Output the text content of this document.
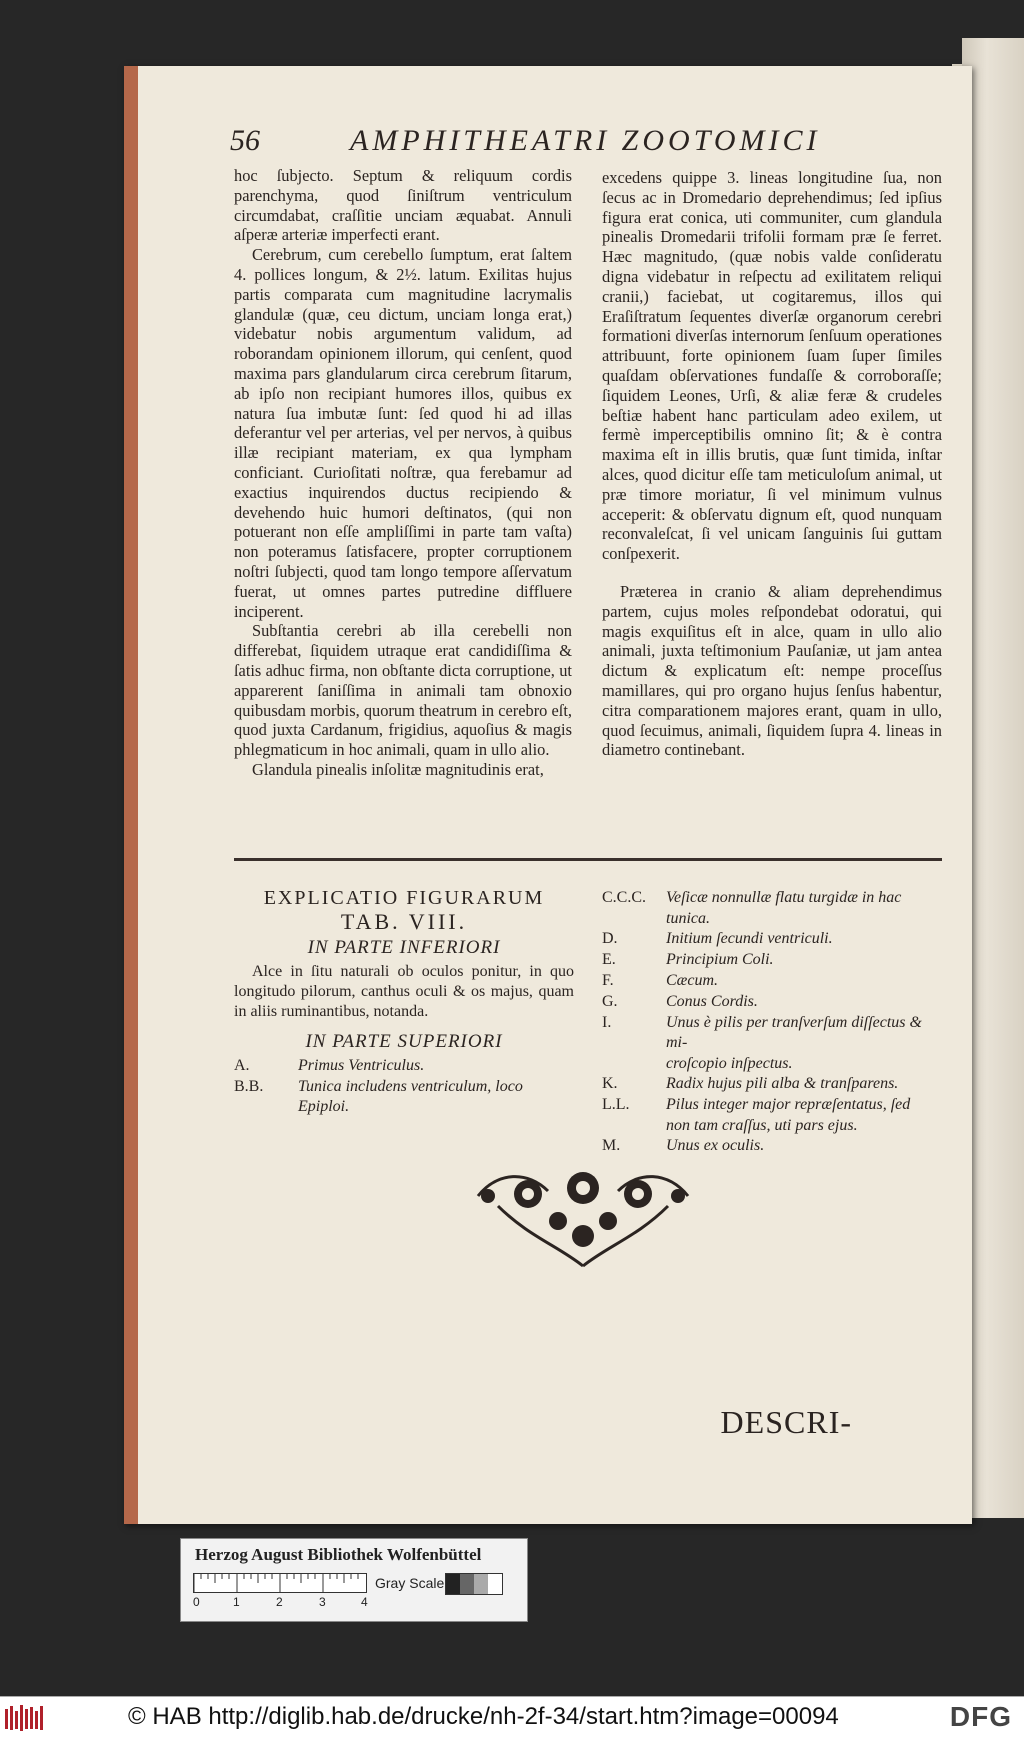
56	AMPHITHEATRI ZOOTOMICI

hoc ſubjecto. Septum & reliquum cordis parenchyma, quod ſiniſtrum ventriculum circumdabat, craſſitie unciam æquabat. Annuli aſperæ arteriæ imperfecti erant.

Cerebrum, cum cerebello ſumptum, erat ſaltem 4. pollices longum, & 2½. latum. Exilitas hujus partis comparata cum magnitudine lacrymalis glandulæ (quæ, ceu dictum, unciam longa erat,) videbatur nobis argumentum validum, ad roborandam opinionem illorum, qui cenſent, quod maxima pars glandularum circa cerebrum ſitarum, ab ipſo non recipiant humores illos, quibus ex natura ſua imbutæ ſunt: ſed quod hi ad illas deferantur vel per arterias, vel per nervos, à quibus illæ recipiant materiam, ex qua lympham conficiant. Curioſitati noſtræ, qua ferebamur ad exactius inquirendos ductus recipiendo & devehendo huic humori deſtinatos, (qui non potuerant non eſſe ampliſſimi in parte tam vaſta) non poteramus ſatisfacere, propter corruptionem noſtri ſubjecti, quod tam longo tempore aſſervatum fuerat, ut omnes partes putredine diffluere inciperent.

Subſtantia cerebri ab illa cerebelli non differebat, ſiquidem utraque erat candidiſſima & ſatis adhuc firma, non obſtante dicta corruptione, ut apparerent ſaniſſima in animali tam obnoxio quibusdam morbis, quorum theatrum in cerebro eſt, quod juxta Cardanum, frigidius, aquoſius & magis phlegmaticum in hoc animali, quam in ullo alio.

Glandula pinealis inſolitæ magnitudinis erat,

excedens quippe 3. lineas longitudine ſua, non ſecus ac in Dromedario deprehendimus; ſed ipſius figura erat conica, uti communiter, cum glandula pinealis Dromedarii trifolii formam præ ſe ferret. Hæc magnitudo, (quæ nobis valde conſideratu digna videbatur in reſpectu ad exilitatem reliqui cranii,) faciebat, ut cogitaremus, illos qui Eraſiſtratum ſequentes diverſæ organorum cerebri formationi diverſas internorum ſenſuum operationes attribuunt, forte opinionem ſuam ſuper ſimiles quaſdam obſervationes fundaſſe & corroboraſſe; ſiquidem Leones, Urſi, & aliæ feræ & crudeles beſtiæ habent hanc particulam adeo exilem, ut fermè imperceptibilis omnino ſit; & è contra maxima eſt in illis brutis, quæ ſunt timida, inſtar alces, quod dicitur eſſe tam meticuloſum animal, ut præ timore moriatur, ſi vel minimum vulnus acceperit: & obſervatu dignum eſt, quod nunquam reconvaleſcat, ſi vel unicam ſanguinis ſui guttam conſpexerit.

Præterea in cranio & aliam deprehendimus partem, cujus moles reſpondebat odoratui, qui magis exquiſitus eſt in alce, quam in ullo alio animali, juxta teſtimonium Pauſaniæ, ut jam antea dictum & explicatum eſt: nempe proceſſus mamillares, qui pro organo hujus ſenſus habentur, citra comparationem majores erant, quam in ullo, quod ſecuimus, animali, ſiquidem ſupra 4. lineas in diametro continebant.

EXPLICATIO FIGURARUM
TAB. VIII.
IN PARTE INFERIORI

Alce in ſitu naturali ob oculos ponitur, in quo longitudo pilorum, canthus oculi & os majus, quam in aliis ruminantibus, notanda.

IN PARTE SUPERIORI
A.	Primus Ventriculus.
B.B.	Tunica includens ventriculum, loco Epiploi.
C.C.C.	Veſicæ nonnullæ flatu turgidæ in hac
tunica.
D.	Initium ſecundi ventriculi.
E.	Principium Coli.
F.	Cæcum.
G.	Conus Cordis.
I.	Unus è pilis per tranſverſum diſſectus & mi-
croſcopio inſpectus.
K.	Radix hujus pili alba & tranſparens.
L.L.	Pilus integer major repræſentatus, ſed
non tam craſſus, uti pars ejus.
M.	Unus ex oculis.
DESCRI-
Herzog August Bibliothek Wolfenbüttel
0	1	2	3	4
Gray Scale
© HAB http://diglib.hab.de/drucke/nh-2f-34/start.htm?image=00094	DFG
